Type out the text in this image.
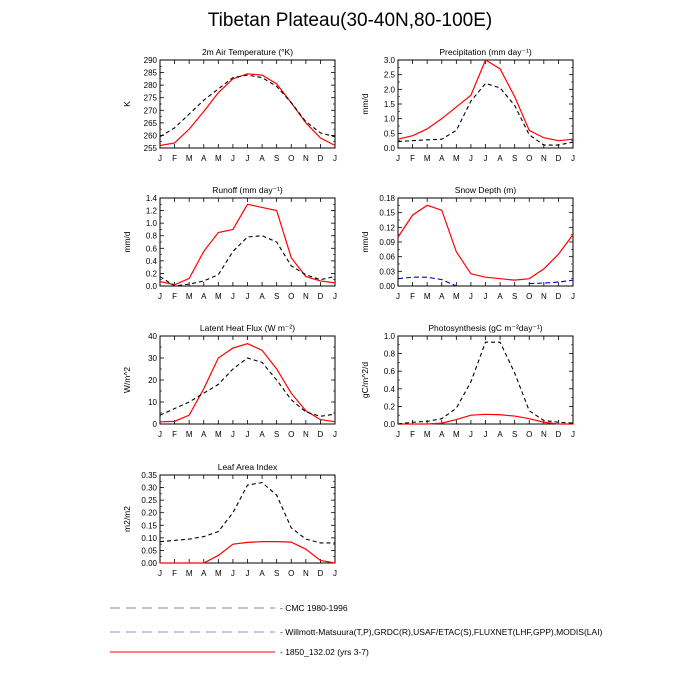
Tibetan Plateau(30-40N,80-100E)
2m Air Temperature (°K)
K
255
260
265
270
275
280
285
290
J F M A M J J A S O N D J
Precipitation (mm day⁻¹)
mm/d
0.0
0.5
1.0
1.5
2.0
2.5
3.0
J F M A M J J A S O N D J
Runoff (mm day⁻¹)
mm/d
0.0
0.2
0.4
0.6
0.8
1.0
1.2
1.4
J F M A M J J A S O N D J
Snow Depth (m)
mm/d
0.00
0.03
0.06
0.09
0.12
0.15
0.18
J F M A M J J A S O N D J
Latent Heat Flux (W m⁻²)
W/m^2
0
10
20
30
40
J F M A M J J A S O N D J
Photosynthesis (gC m⁻²day⁻¹)
gC/m^2/d
0.0
0.2
0.4
0.6
0.8
1.0
J F M A M J J A S O N D J
Leaf Area Index
m2/m2
0.00
0.05
0.10
0.15
0.20
0.25
0.30
0.35
J F M A M J J A S O N D J
- CMC 1980-1996
- Willmott-Matsuura(T,P),GRDC(R),USAF/ETAC(S),FLUXNET(LHF,GPP),MODIS(LAI)
- 1850_132.02 (yrs 3-7)
